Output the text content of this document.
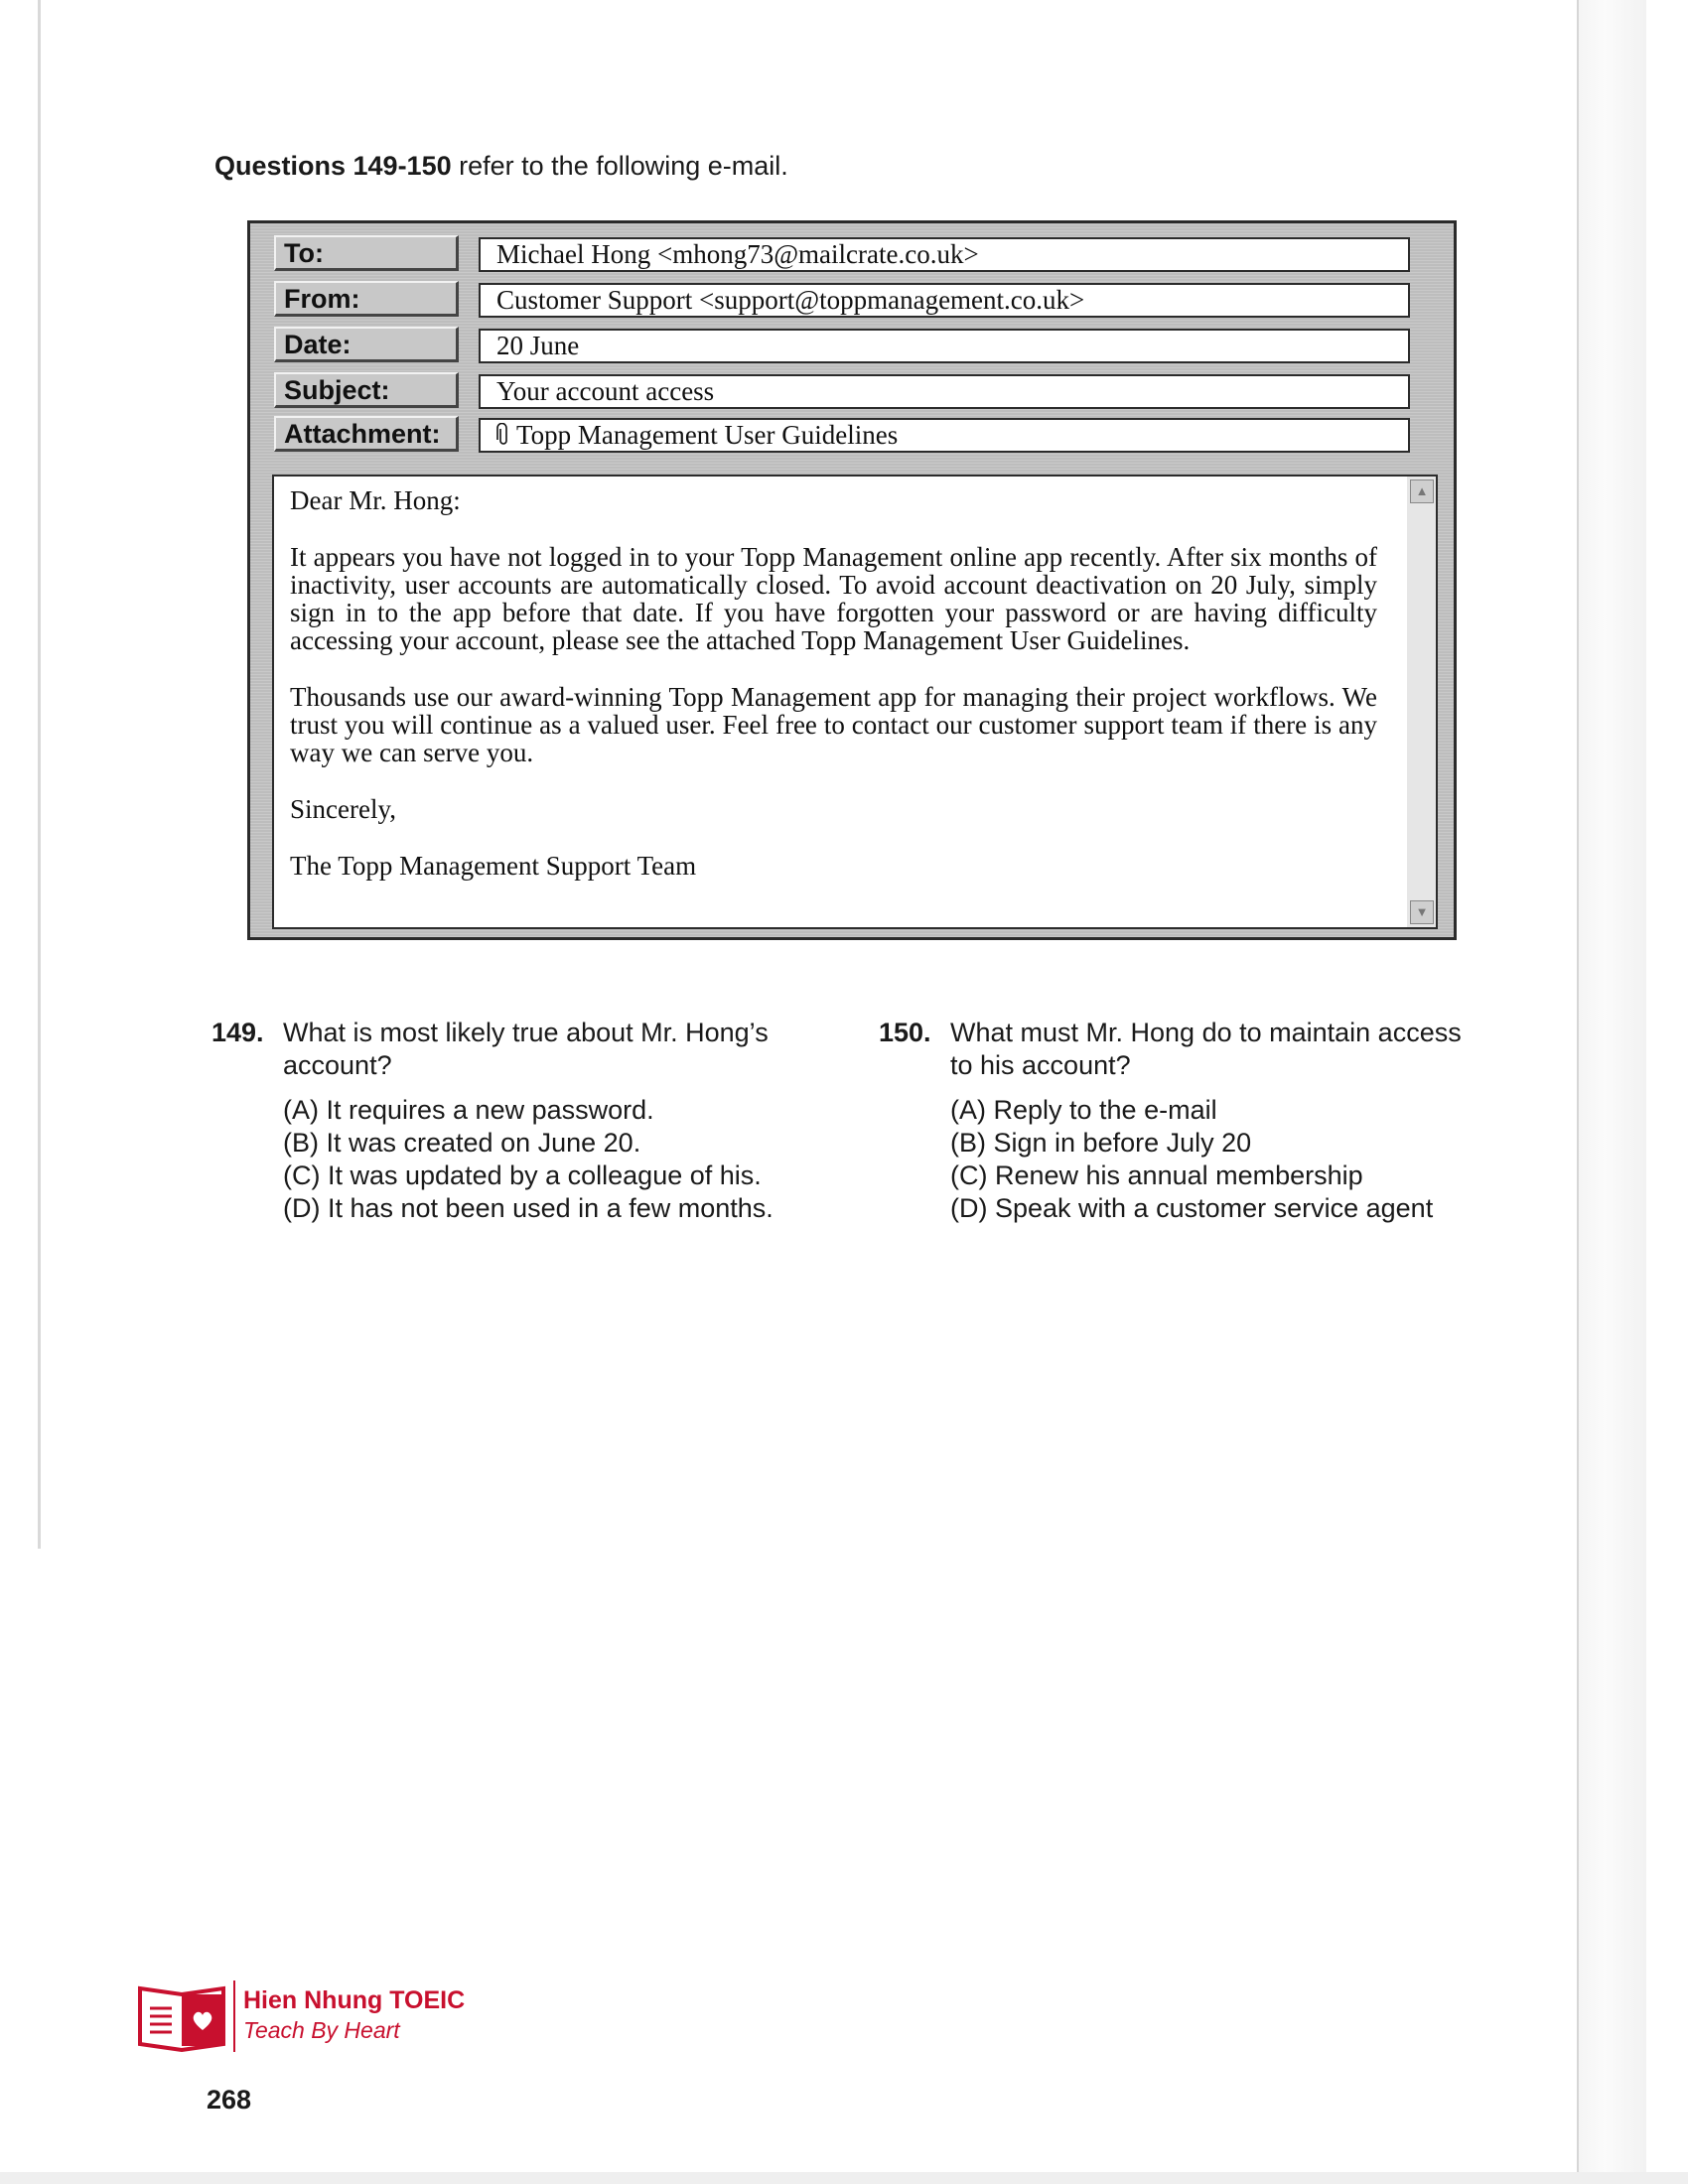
Questions 149-150 refer to the following e-mail.
To:	Michael Hong <mhong73@mailcrate.co.uk>
From:	Customer Support <support@toppmanagement.co.uk>
Date:	20 June
Subject:	Your account access
Attachment:	Topp Management User Guidelines

Dear Mr. Hong:

It appears you have not logged in to your Topp Management online app recently. After six months of inactivity, user accounts are automatically closed. To avoid account deactivation on 20 July, simply sign in to the app before that date. If you have forgotten your password or are having difficulty accessing your account, please see the attached Topp Management User Guidelines.

Thousands use our award-winning Topp Management app for managing their project workflows. We trust you will continue as a valued user. Feel free to contact our customer support team if there is any way we can serve you.

Sincerely,

The Topp Management Support Team

▲
▼
149. What is most likely true about Mr. Hong’s account?
(A) It requires a new password.
(B) It was created on June 20.
(C) It was updated by a colleague of his.
(D) It has not been used in a few months.
150. What must Mr. Hong do to maintain access to his account?
(A) Reply to the e-mail
(B) Sign in before July 20
(C) Renew his annual membership
(D) Speak with a customer service agent
Hien Nhung TOEIC
Teach By Heart
268
